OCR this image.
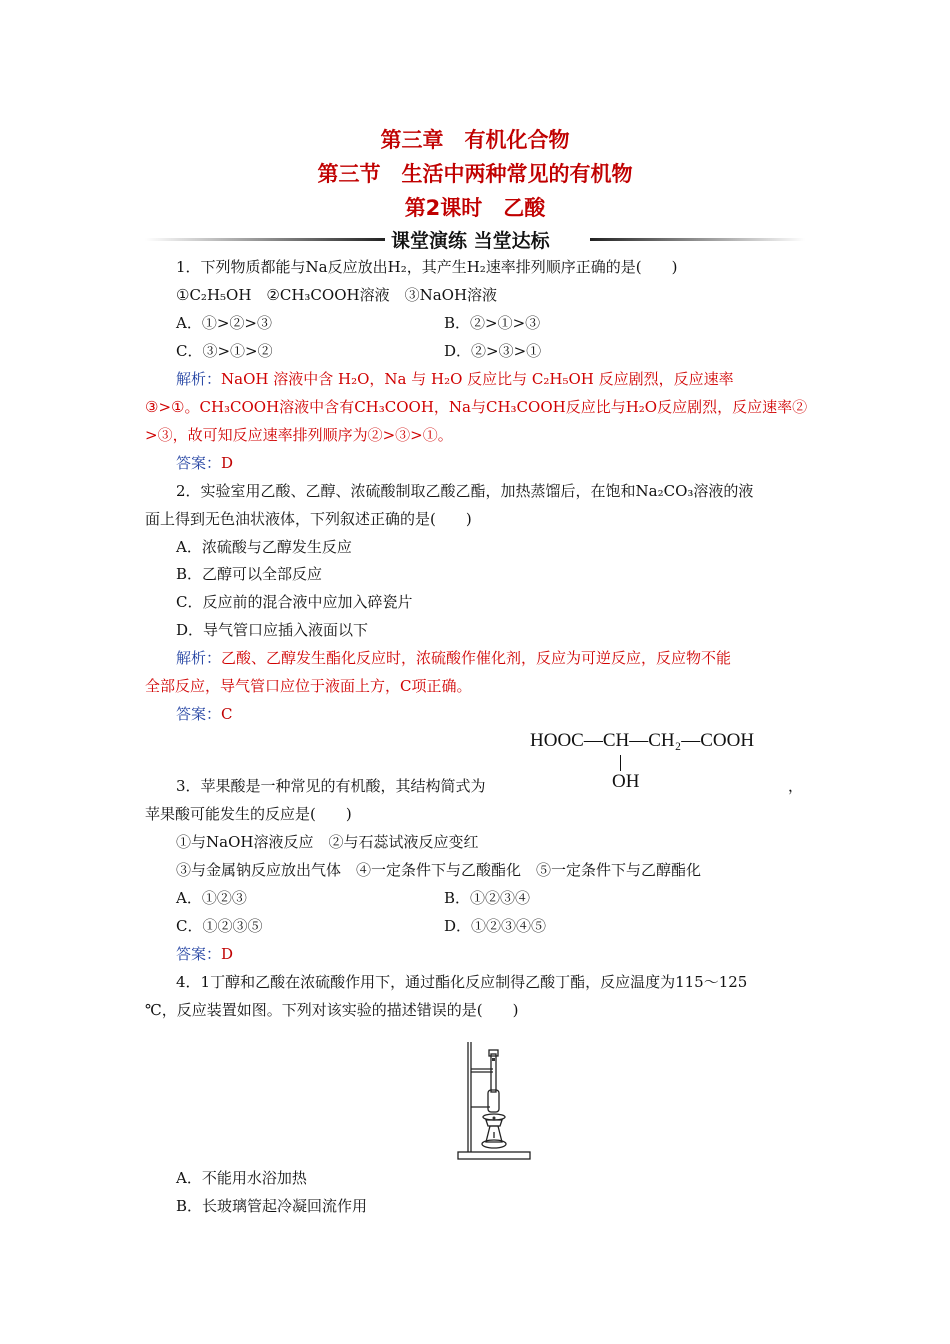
第三章　有机化合物
第三节　生活中两种常见的有机物
第2课时　乙酸
课堂演练 当堂达标
1．下列物质都能与Na反应放出H₂，其产生H₂速率排列顺序正确的是(　　)
①C₂H₅OH　②CH₃COOH溶液　③NaOH溶液
A．①>②>③	B．②>①>③
C．③>①>②	D．②>③>①
解析：NaOH 溶液中含 H₂O，Na 与 H₂O 反应比与 C₂H₅OH 反应剧烈，反应速率
③>①。CH₃COOH溶液中含有CH₃COOH，Na与CH₃COOH反应比与H₂O反应剧烈，反应速率②
>③，故可知反应速率排列顺序为②>③>①。
答案：D
2．实验室用乙酸、乙醇、浓硫酸制取乙酸乙酯，加热蒸馏后，在饱和Na₂CO₃溶液的液
面上得到无色油状液体，下列叙述正确的是(　　)
A．浓硫酸与乙醇发生反应
B．乙醇可以全部反应
C．反应前的混合液中应加入碎瓷片
D．导气管口应插入液面以下
解析：乙酸、乙醇发生酯化反应时，浓硫酸作催化剂，反应为可逆反应，反应物不能
全部反应，导气管口应位于液面上方，C项正确。
答案：C
HOOC—CH—CH₂—COOH
OH
3．苹果酸是一种常见的有机酸，其结构简式为	，
苹果酸可能发生的反应是(　　)
①与NaOH溶液反应　②与石蕊试液反应变红
③与金属钠反应放出气体　④一定条件下与乙酸酯化　⑤一定条件下与乙醇酯化
A．①②③	B．①②③④
C．①②③⑤	D．①②③④⑤
答案：D
4．1丁醇和乙酸在浓硫酸作用下，通过酯化反应制得乙酸丁酯，反应温度为115～125
℃，反应装置如图。下列对该实验的描述错误的是(　　)
A．不能用水浴加热
B．长玻璃管起冷凝回流作用
